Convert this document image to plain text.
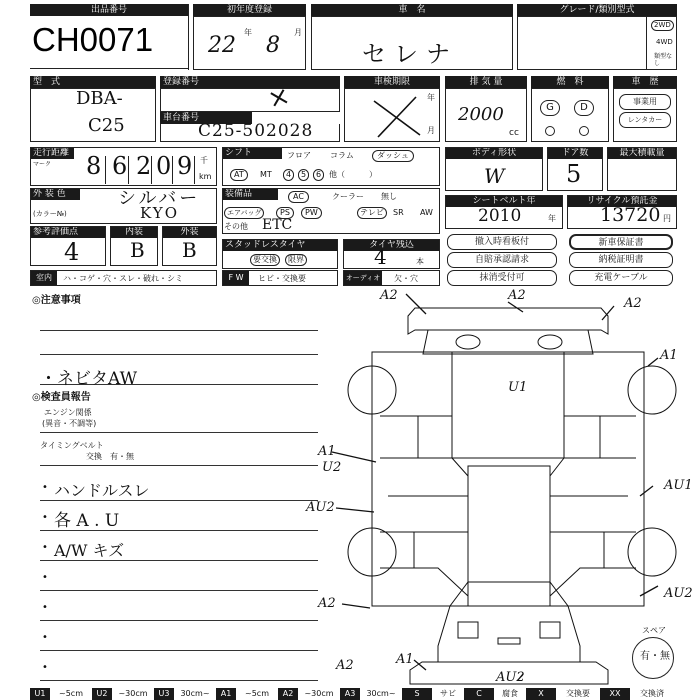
出品番号
CH0071
初年度登録
22
年
8
月
車　名
セレナ
グレード/類別型式
2WD
4WD
類型なし
型　式
DBA-
C25
登録番号	×
車台番号
C25-502028
車検期限
年
月
排 気 量
2000
cc
燃　料
G	D
車　歴
事業用
レンタカー
走行距離
マーク 8 6 2 0 9 千
km
シフト	フロア コラム	ダッシュ
AT	MT	4	5	6 他（　　　）
ボディ形状
W
ドア数
5
最大積載量
外 装 色	シルバー
(カラー№)	KYO
装備品	AC	クーラー 無し
エアバッグ	PS	PW	テレビ	SR AW
その他 ETC
シートベルト年
2010	年
リサイクル預託金
13720 円
参考評価点
4
内装
B
外装
B	スタッドレスタイヤ
要交換	限界
タイヤ残込
4	本
撤入時看板付
自賠承認請求
抹消受付可
新車保証書
納税証明書
充電ケーブル
室内	ハ・コゲ・穴・スレ・破れ・シミ	F W	ヒビ・交換要	オーディオ 欠・穴
◎注意事項
・ネビタAW
◎検査員報告
エンジン関係
(異音・不調等)
タイミングベルト
交換　有・無
• ハンドルスレ
• 各 A . U
• A/W キズ
•
•
•
•
A2	A2
A2
A1
U1
A1
U2
AU1
AU2
AU2
A2
A2	A1
AU2
スペア
有・無
U1	~5cm	U2	~30cm	U3	30cm~	A1	~5cm	A2	~30cm	A3	30cm~	S	サビ	C	腐食	X	交換要	XX	交換済
